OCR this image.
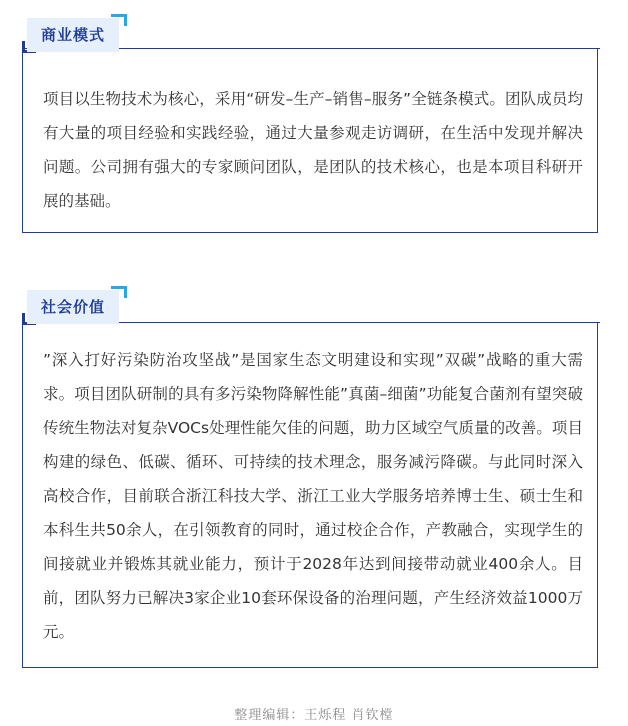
商业模式

项目以生物技术为核心，采用“研发–生产–销售–服务”全链条模式。团队成员均有大量的项目经验和实践经验，通过大量参观走访调研，在生活中发现并解决问题。公司拥有强大的专家顾问团队，是团队的技术核心，也是本项目科研开展的基础。

社会价值

”深入打好污染防治攻坚战”是国家生态文明建设和实现”双碳”战略的重大需求。项目团队研制的具有多污染物降解性能”真菌–细菌”功能复合菌剂有望突破传统生物法对复杂VOCs处理性能欠佳的问题，助力区域空气质量的改善。项目构建的绿色、低碳、循环、可持续的技术理念，服务减污降碳。与此同时深入高校合作，目前联合浙江科技大学、浙江工业大学服务培养博士生、硕士生和本科生共50余人，在引领教育的同时，通过校企合作，产教融合，实现学生的间接就业并锻炼其就业能力，预计于2028年达到间接带动就业400余人。目前，团队努力已解决3家企业10套环保设备的治理问题，产生经济效益1000万元。

整理编辑：王烁程 肖钦樘
